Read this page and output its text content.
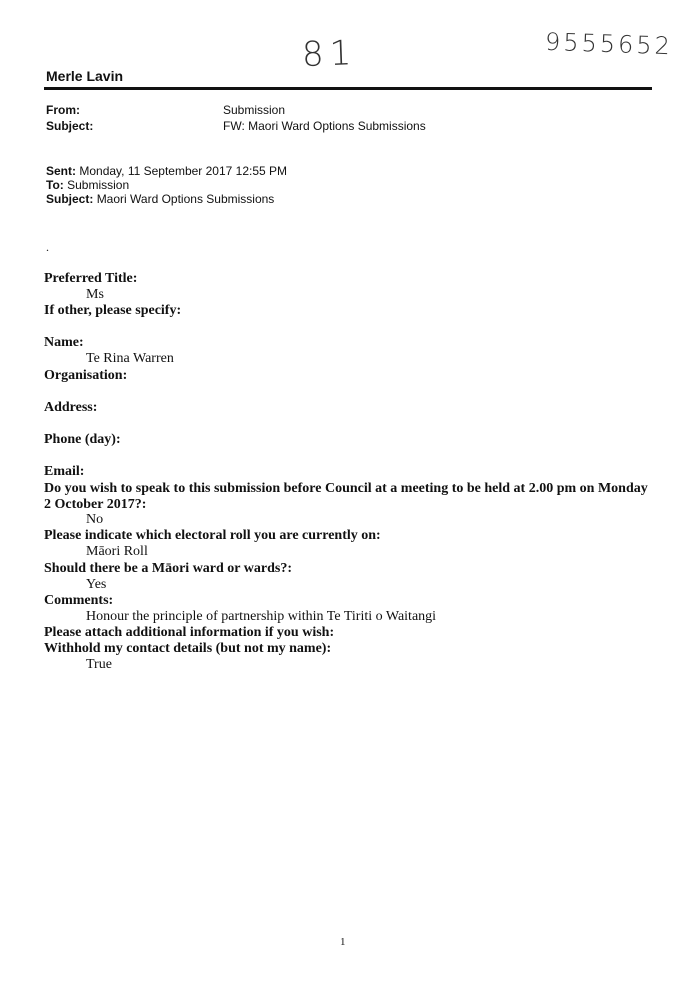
81	9555652
Merle Lavin
From:	Submission
Subject:	FW: Maori Ward Options Submissions
Sent: Monday, 11 September 2017 12:55 PM
To: Submission
Subject: Maori Ward Options Submissions
.
Preferred Title:
Ms
If other, please specify:
Name:
Te Rina Warren
Organisation:
Address:
Phone (day):
Email:
Do you wish to speak to this submission before Council at a meeting to be held at 2.00 pm on Monday 2 October 2017?:
No
Please indicate which electoral roll you are currently on:
Māori Roll
Should there be a Māori ward or wards?:
Yes
Comments:
Honour the principle of partnership within Te Tiriti o Waitangi
Please attach additional information if you wish:
Withhold my contact details (but not my name):
True
1
